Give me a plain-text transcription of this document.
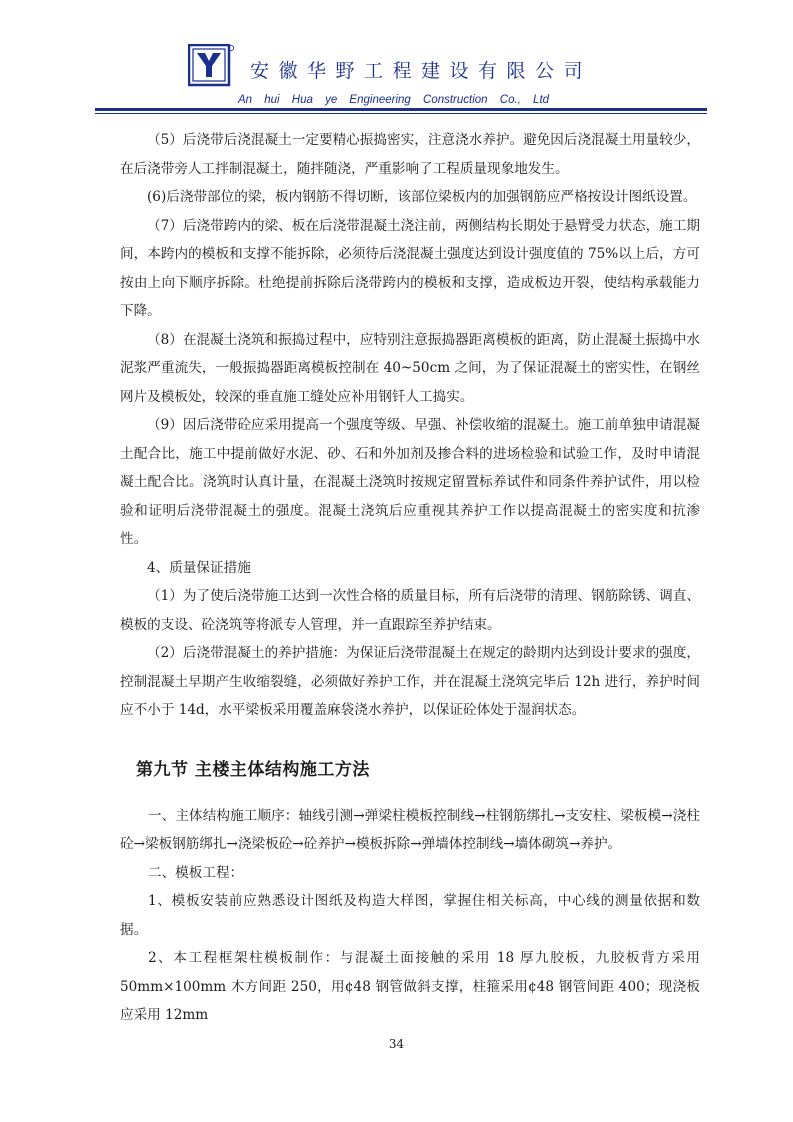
安徽华野工程建设有限公司
An hui Hua ye Engineering Construction Co., Ltd

（5）后浇带后浇混凝土一定要精心振捣密实，注意浇水养护。避免因后浇混凝土用量较少，在后浇带旁人工拌制混凝土，随拌随浇，严重影响了工程质量现象地发生。

(6)后浇带部位的梁，板内钢筋不得切断，该部位梁板内的加强钢筋应严格按设计图纸设置。

（7）后浇带跨内的梁、板在后浇带混凝土浇注前，两侧结构长期处于悬臂受力状态，施工期间，本跨内的模板和支撑不能拆除，必须待后浇混凝土强度达到设计强度值的 75%以上后，方可按由上向下顺序拆除。杜绝提前拆除后浇带跨内的模板和支撑，造成板边开裂，使结构承载能力下降。

（8）在混凝土浇筑和振捣过程中，应特别注意振捣器距离模板的距离，防止混凝土振捣中水泥浆严重流失，一般振捣器距离模板控制在 40~50cm 之间，为了保证混凝土的密实性，在钢丝网片及模板处，较深的垂直施工缝处应补用钢钎人工捣实。

（9）因后浇带砼应采用提高一个强度等级、早强、补偿收缩的混凝土。施工前单独申请混凝土配合比，施工中提前做好水泥、砂、石和外加剂及掺合料的进场检验和试验工作，及时申请混凝土配合比。浇筑时认真计量，在混凝土浇筑时按规定留置标养试件和同条件养护试件，用以检验和证明后浇带混凝土的强度。混凝土浇筑后应重视其养护工作以提高混凝土的密实度和抗渗性。

4、质量保证措施

（1）为了使后浇带施工达到一次性合格的质量目标，所有后浇带的清理、钢筋除锈、调直、模板的支设、砼浇筑等将派专人管理，并一直跟踪至养护结束。

（2）后浇带混凝土的养护措施：为保证后浇带混凝土在规定的龄期内达到设计要求的强度，控制混凝土早期产生收缩裂缝，必须做好养护工作，并在混凝土浇筑完毕后 12h 进行，养护时间应不小于 14d，水平梁板采用覆盖麻袋浇水养护，以保证砼体处于湿润状态。

第九节 主楼主体结构施工方法

一、主体结构施工顺序：轴线引测→弹梁柱模板控制线→柱钢筋绑扎→支安柱、梁板模→浇柱砼→梁板钢筋绑扎→浇梁板砼→砼养护→模板拆除→弹墙体控制线→墙体砌筑→养护。

二、模板工程：

1、模板安装前应熟悉设计图纸及构造大样图，掌握住相关标高，中心线的测量依据和数据。

2、本工程框架柱模板制作：与混凝土面接触的采用 18 厚九胶板，九胶板背方采用 50mm×100mm 木方间距 250，用¢48 钢管做斜支撑，柱箍采用¢48 钢管间距 400；现浇板应采用 12mm

34
